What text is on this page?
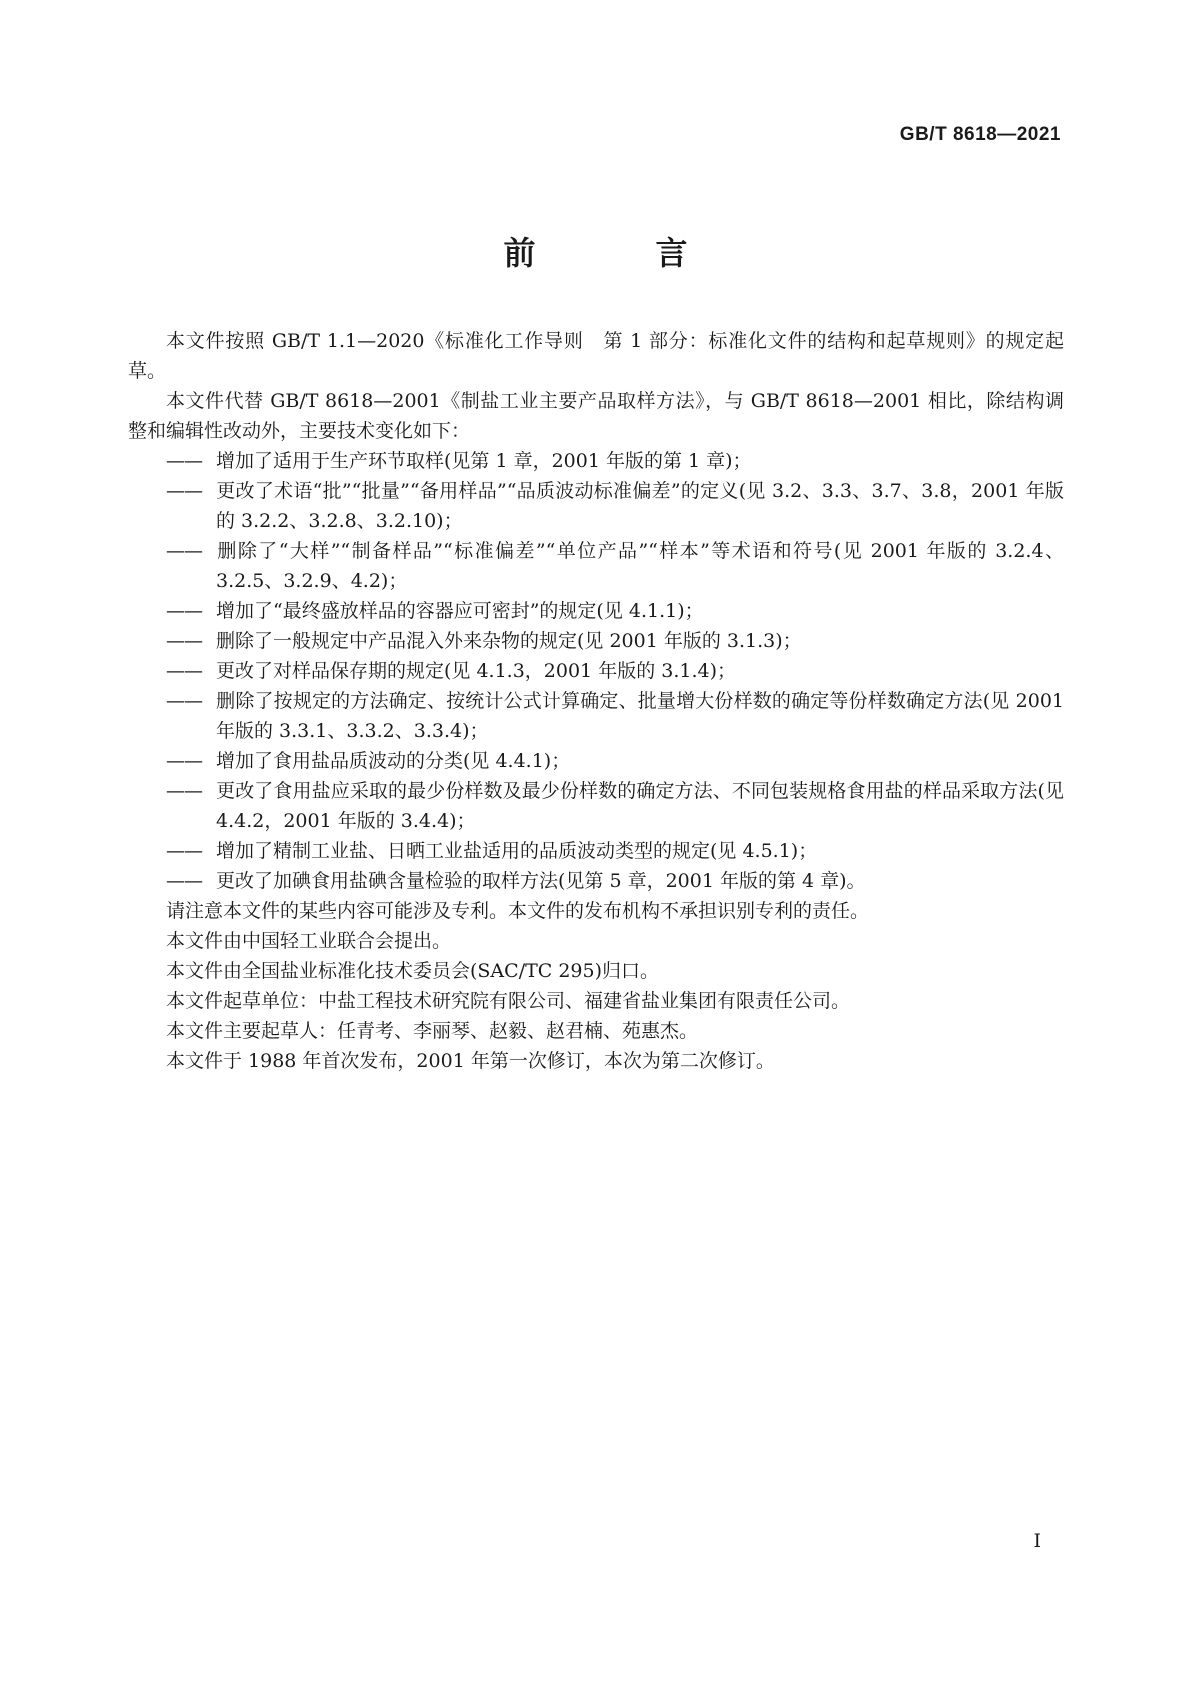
GB/T 8618—2021
前　言

本文件按照 GB/T 1.1—2020《标准化工作导则　第 1 部分：标准化文件的结构和起草规则》的规定起草。

本文件代替 GB/T 8618—2001《制盐工业主要产品取样方法》，与 GB/T 8618—2001 相比，除结构调整和编辑性改动外，主要技术变化如下：

—— 增加了适用于生产环节取样(见第 1 章，2001 年版的第 1 章)；

—— 更改了术语“批”“批量”“备用样品”“品质波动标准偏差”的定义(见 3.2、3.3、3.7、3.8，2001 年版的 3.2.2、3.2.8、3.2.10)；

—— 删除了“大样”“制备样品”“标准偏差”“单位产品”“样本”等术语和符号(见 2001 年版的 3.2.4、3.2.5、3.2.9、4.2)；

—— 增加了“最终盛放样品的容器应可密封”的规定(见 4.1.1)；

—— 删除了一般规定中产品混入外来杂物的规定(见 2001 年版的 3.1.3)；

—— 更改了对样品保存期的规定(见 4.1.3，2001 年版的 3.1.4)；

—— 删除了按规定的方法确定、按统计公式计算确定、批量增大份样数的确定等份样数确定方法(见 2001 年版的 3.3.1、3.3.2、3.3.4)；

—— 增加了食用盐品质波动的分类(见 4.4.1)；

—— 更改了食用盐应采取的最少份样数及最少份样数的确定方法、不同包装规格食用盐的样品采取方法(见 4.4.2，2001 年版的 3.4.4)；

—— 增加了精制工业盐、日晒工业盐适用的品质波动类型的规定(见 4.5.1)；

—— 更改了加碘食用盐碘含量检验的取样方法(见第 5 章，2001 年版的第 4 章)。

请注意本文件的某些内容可能涉及专利。本文件的发布机构不承担识别专利的责任。

本文件由中国轻工业联合会提出。

本文件由全国盐业标准化技术委员会(SAC/TC 295)归口。

本文件起草单位：中盐工程技术研究院有限公司、福建省盐业集团有限责任公司。

本文件主要起草人：任青考、李丽琴、赵毅、赵君楠、苑惠杰。

本文件于 1988 年首次发布，2001 年第一次修订，本次为第二次修订。

I
